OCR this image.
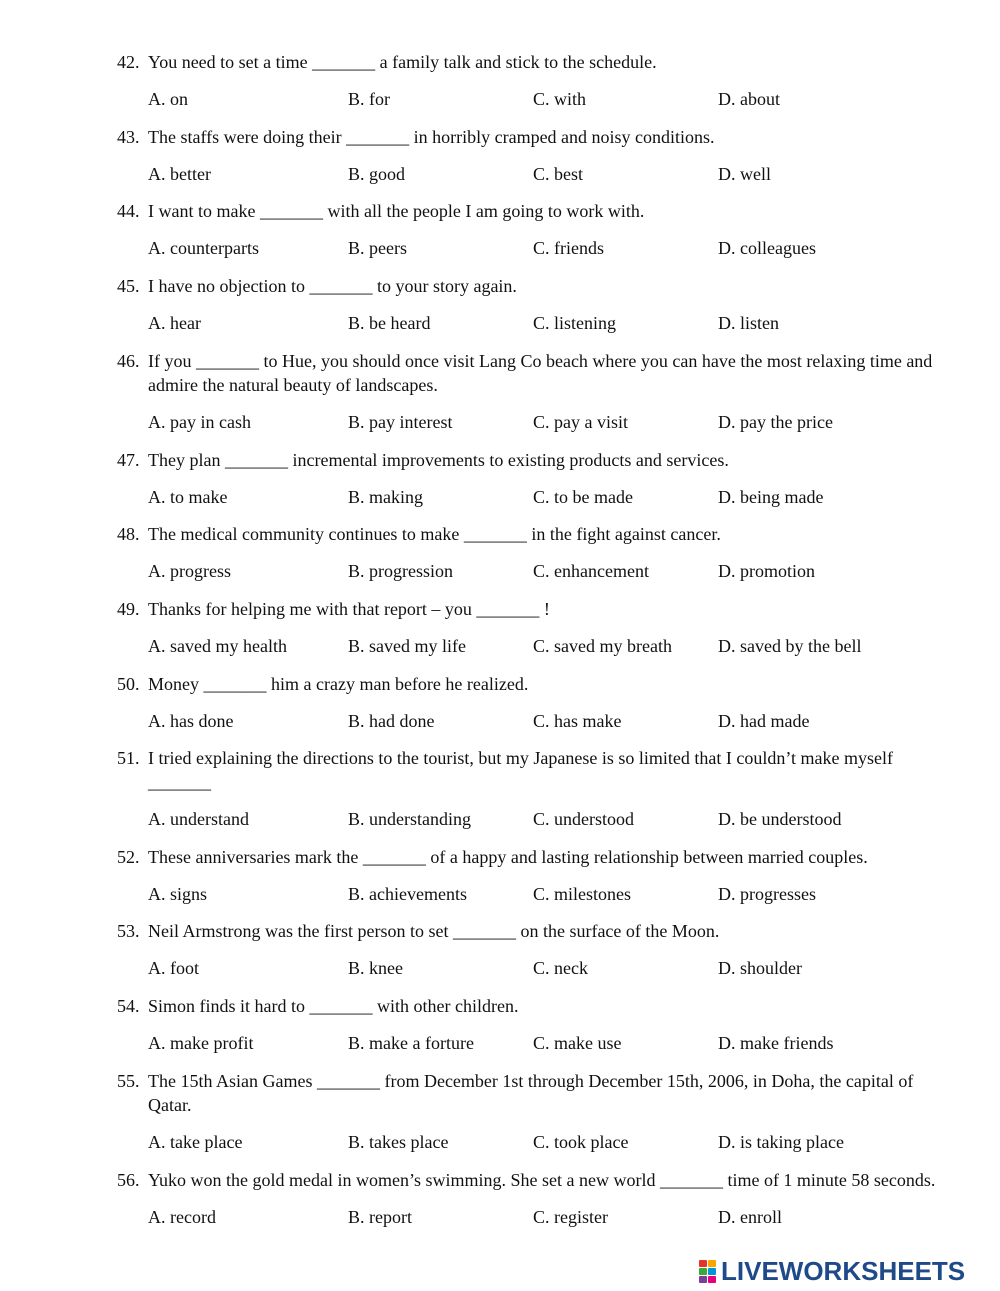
42. You need to set a time _______ a family talk and stick to the schedule.
A. on	B. for	C. with	D. about
43. The staffs were doing their _______ in horribly cramped and noisy conditions.
A. better	B. good	C. best	D. well
44. I want to make _______ with all the people I am going to work with.
A. counterparts	B. peers	C. friends	D. colleagues
45. I have no objection to _______ to your story again.
A. hear	B. be heard	C. listening	D. listen
46. If you _______ to Hue, you should once visit Lang Co beach where you can have the most relaxing time and admire the natural beauty of landscapes.
A. pay in cash	B. pay interest	C. pay a visit	D. pay the price
47. They plan _______ incremental improvements to existing products and services.
A. to make	B. making	C. to be made	D. being made
48. The medical community continues to make _______ in the fight against cancer.
A. progress	B. progression	C. enhancement	D. promotion
49. Thanks for helping me with that report – you _______ !
A. saved my health	B. saved my life	C. saved my breath	D. saved by the bell
50. Money _______ him a crazy man before he realized.
A. has done	B. had done	C. has make	D. had made
51. I tried explaining the directions to the tourist, but my Japanese is so limited that I couldn’t make myself _______
A. understand	B. understanding	C. understood	D. be understood
52. These anniversaries mark the _______ of a happy and lasting relationship between married couples.
A. signs	B. achievements	C. milestones	D. progresses
53. Neil Armstrong was the first person to set _______ on the surface of the Moon.
A. foot	B. knee	C. neck	D. shoulder
54. Simon finds it hard to _______ with other children.
A. make profit	B. make a forture	C. make use	D. make friends
55. The 15th Asian Games _______ from December 1st through December 15th, 2006, in Doha, the capital of Qatar.
A. take place	B. takes place	C. took place	D. is taking place
56. Yuko won the gold medal in women’s swimming. She set a new world _______ time of 1 minute 58 seconds.
A. record	B. report	C. register	D. enroll
LIVEWORKSHEETS
